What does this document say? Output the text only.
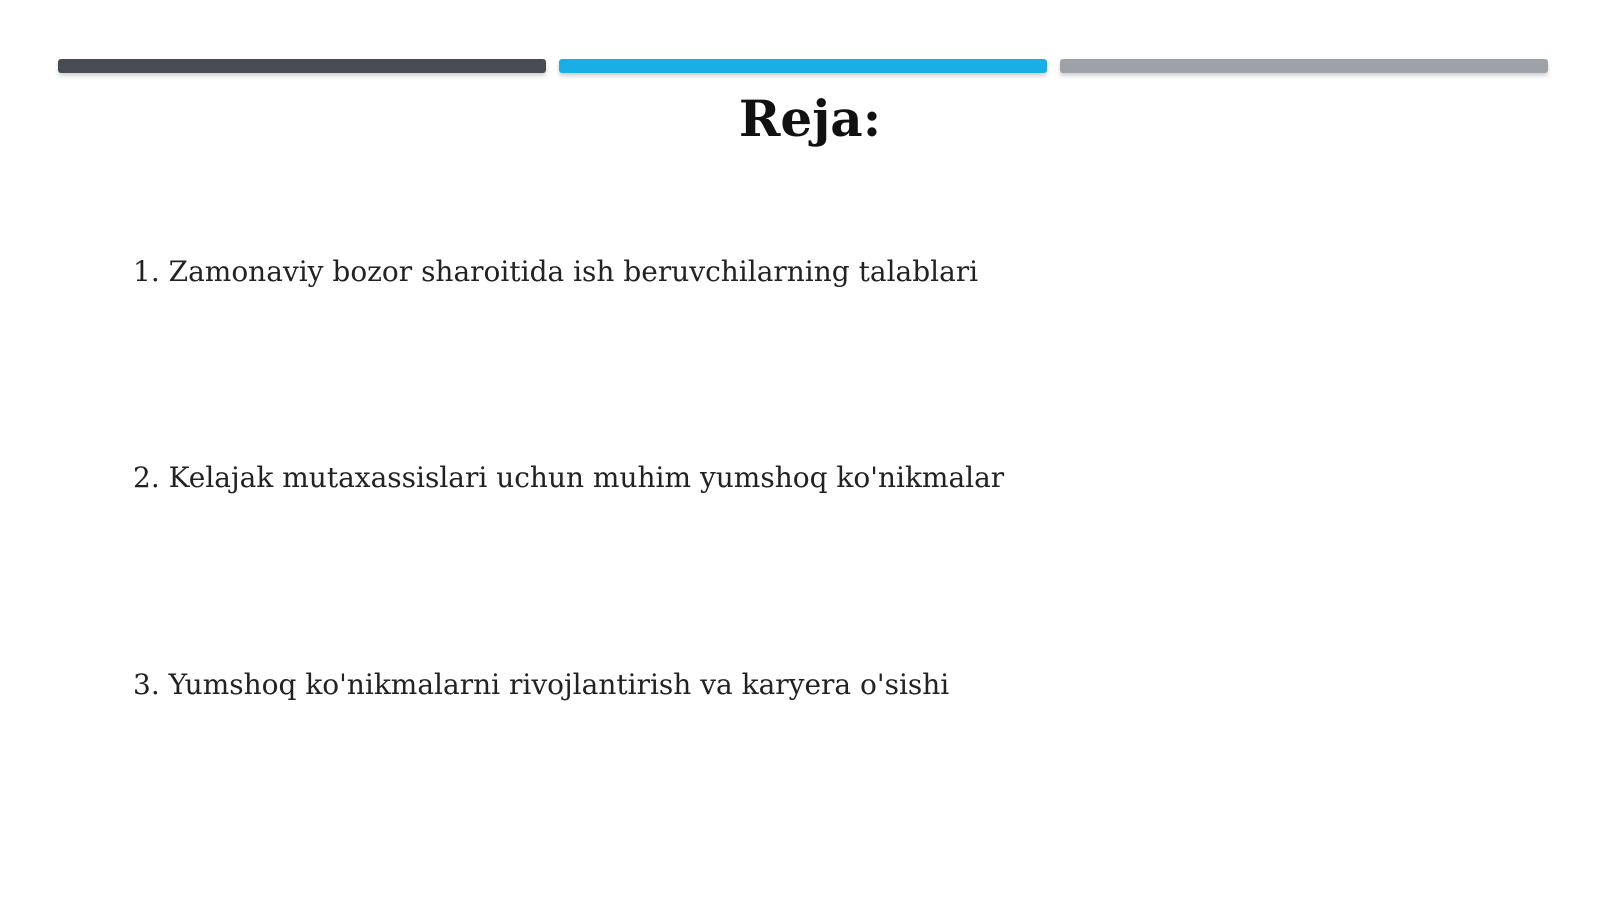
Reja:
1. Zamonaviy bozor sharoitida ish beruvchilarning talablari
2. Kelajak mutaxassislari uchun muhim yumshoq ko'nikmalar
3. Yumshoq ko'nikmalarni rivojlantirish va karyera o'sishi
